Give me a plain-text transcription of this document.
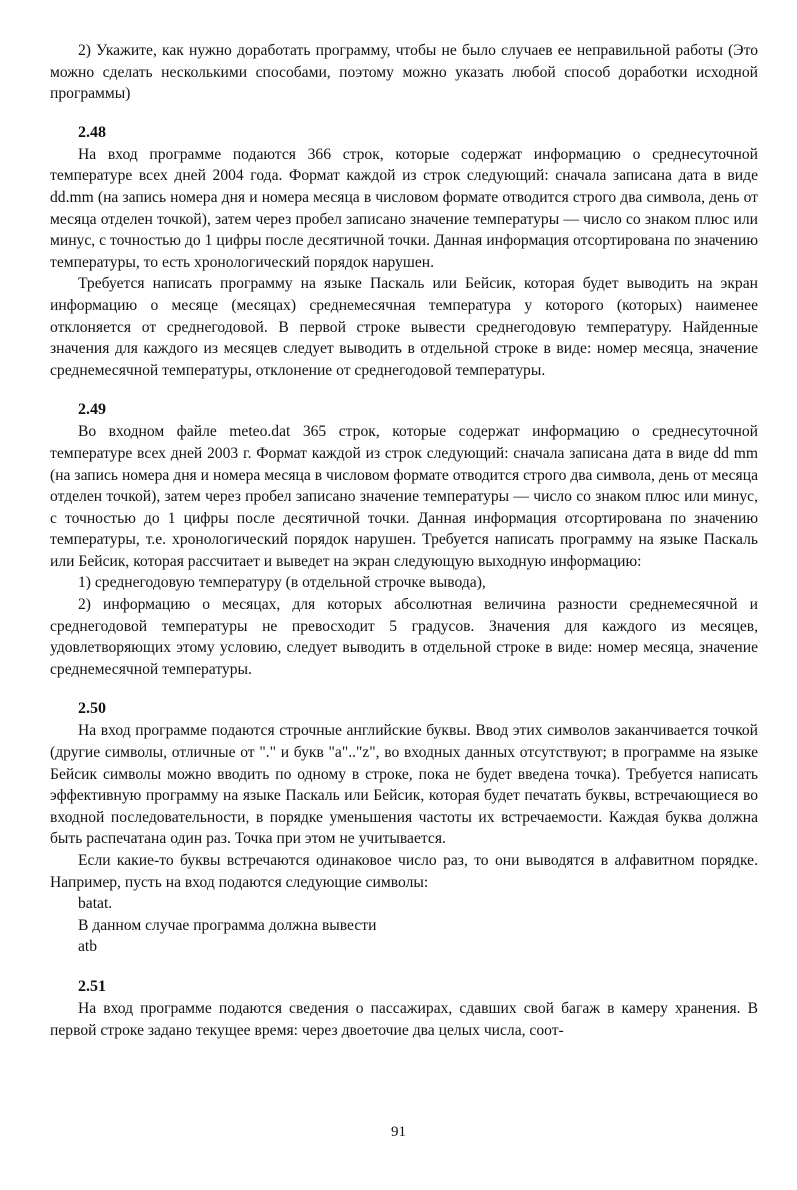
2) Укажите, как нужно доработать программу, чтобы не было случаев ее неправильной работы (Это можно сделать несколькими способами, поэтому можно указать любой способ доработки исходной программы)

2.48

На вход программе подаются 366 строк, которые содержат информацию о среднесуточной температуре всех дней 2004 года. Формат каждой из строк следующий: сначала записана дата в виде dd.mm (на запись номера дня и номера месяца в числовом формате отводится строго два символа, день от месяца отделен точкой), затем через пробел записано значение температуры — число со знаком плюс или минус, с точностью до 1 цифры после десятичной точки. Данная информация отсортирована по значению температуры, то есть хронологический порядок нарушен.

Требуется написать программу на языке Паскаль или Бейсик, которая будет выводить на экран информацию о месяце (месяцах) среднемесячная температура у которого (которых) наименее отклоняется от среднегодовой. В первой строке вывести среднегодовую температуру. Найденные значения для каждого из месяцев следует выводить в отдельной строке в виде: номер месяца, значение среднемесячной температуры, отклонение от среднегодовой температуры.

2.49

Во входном файле meteo.dat 365 строк, которые содержат информацию о среднесуточной температуре всех дней 2003 г. Формат каждой из строк следующий: сначала записана дата в виде dd mm (на запись номера дня и номера месяца в числовом формате отводится строго два символа, день от месяца отделен точкой), затем через пробел записано значение температуры — число со знаком плюс или минус, с точностью до 1 цифры после десятичной точки. Данная информация отсортирована по значению температуры, т.е. хронологический порядок нарушен. Требуется написать программу на языке Паскаль или Бейсик, которая рассчитает и выведет на экран следующую выходную информацию:

1) среднегодовую температуру (в отдельной строчке вывода),

2) информацию о месяцах, для которых абсолютная величина разности среднемесячной и среднегодовой температуры не превосходит 5 градусов. Значения для каждого из месяцев, удовлетворяющих этому условию, следует выводить в отдельной строке в виде: номер месяца, значение среднемесячной температуры.

2.50

На вход программе подаются строчные английские буквы. Ввод этих символов заканчивается точкой (другие символы, отличные от "." и букв "a".."z", во входных данных отсутствуют; в программе на языке Бейсик символы можно вводить по одному в строке, пока не будет введена точка). Требуется написать эффективную программу на языке Паскаль или Бейсик, которая будет печатать буквы, встречающиеся во входной последовательности, в порядке уменьшения частоты их встречаемости. Каждая буква должна быть распечатана один раз. Точка при этом не учитывается.

Если какие-то буквы встречаются одинаковое число раз, то они выводятся в алфавитном порядке. Например, пусть на вход подаются следующие символы:

batat.
В данном случае программа должна вывести
atb
2.51

На вход программе подаются сведения о пассажирах, сдавших свой багаж в камеру хранения. В первой строке задано текущее время: через двоеточие два целых числа, соот-

91
